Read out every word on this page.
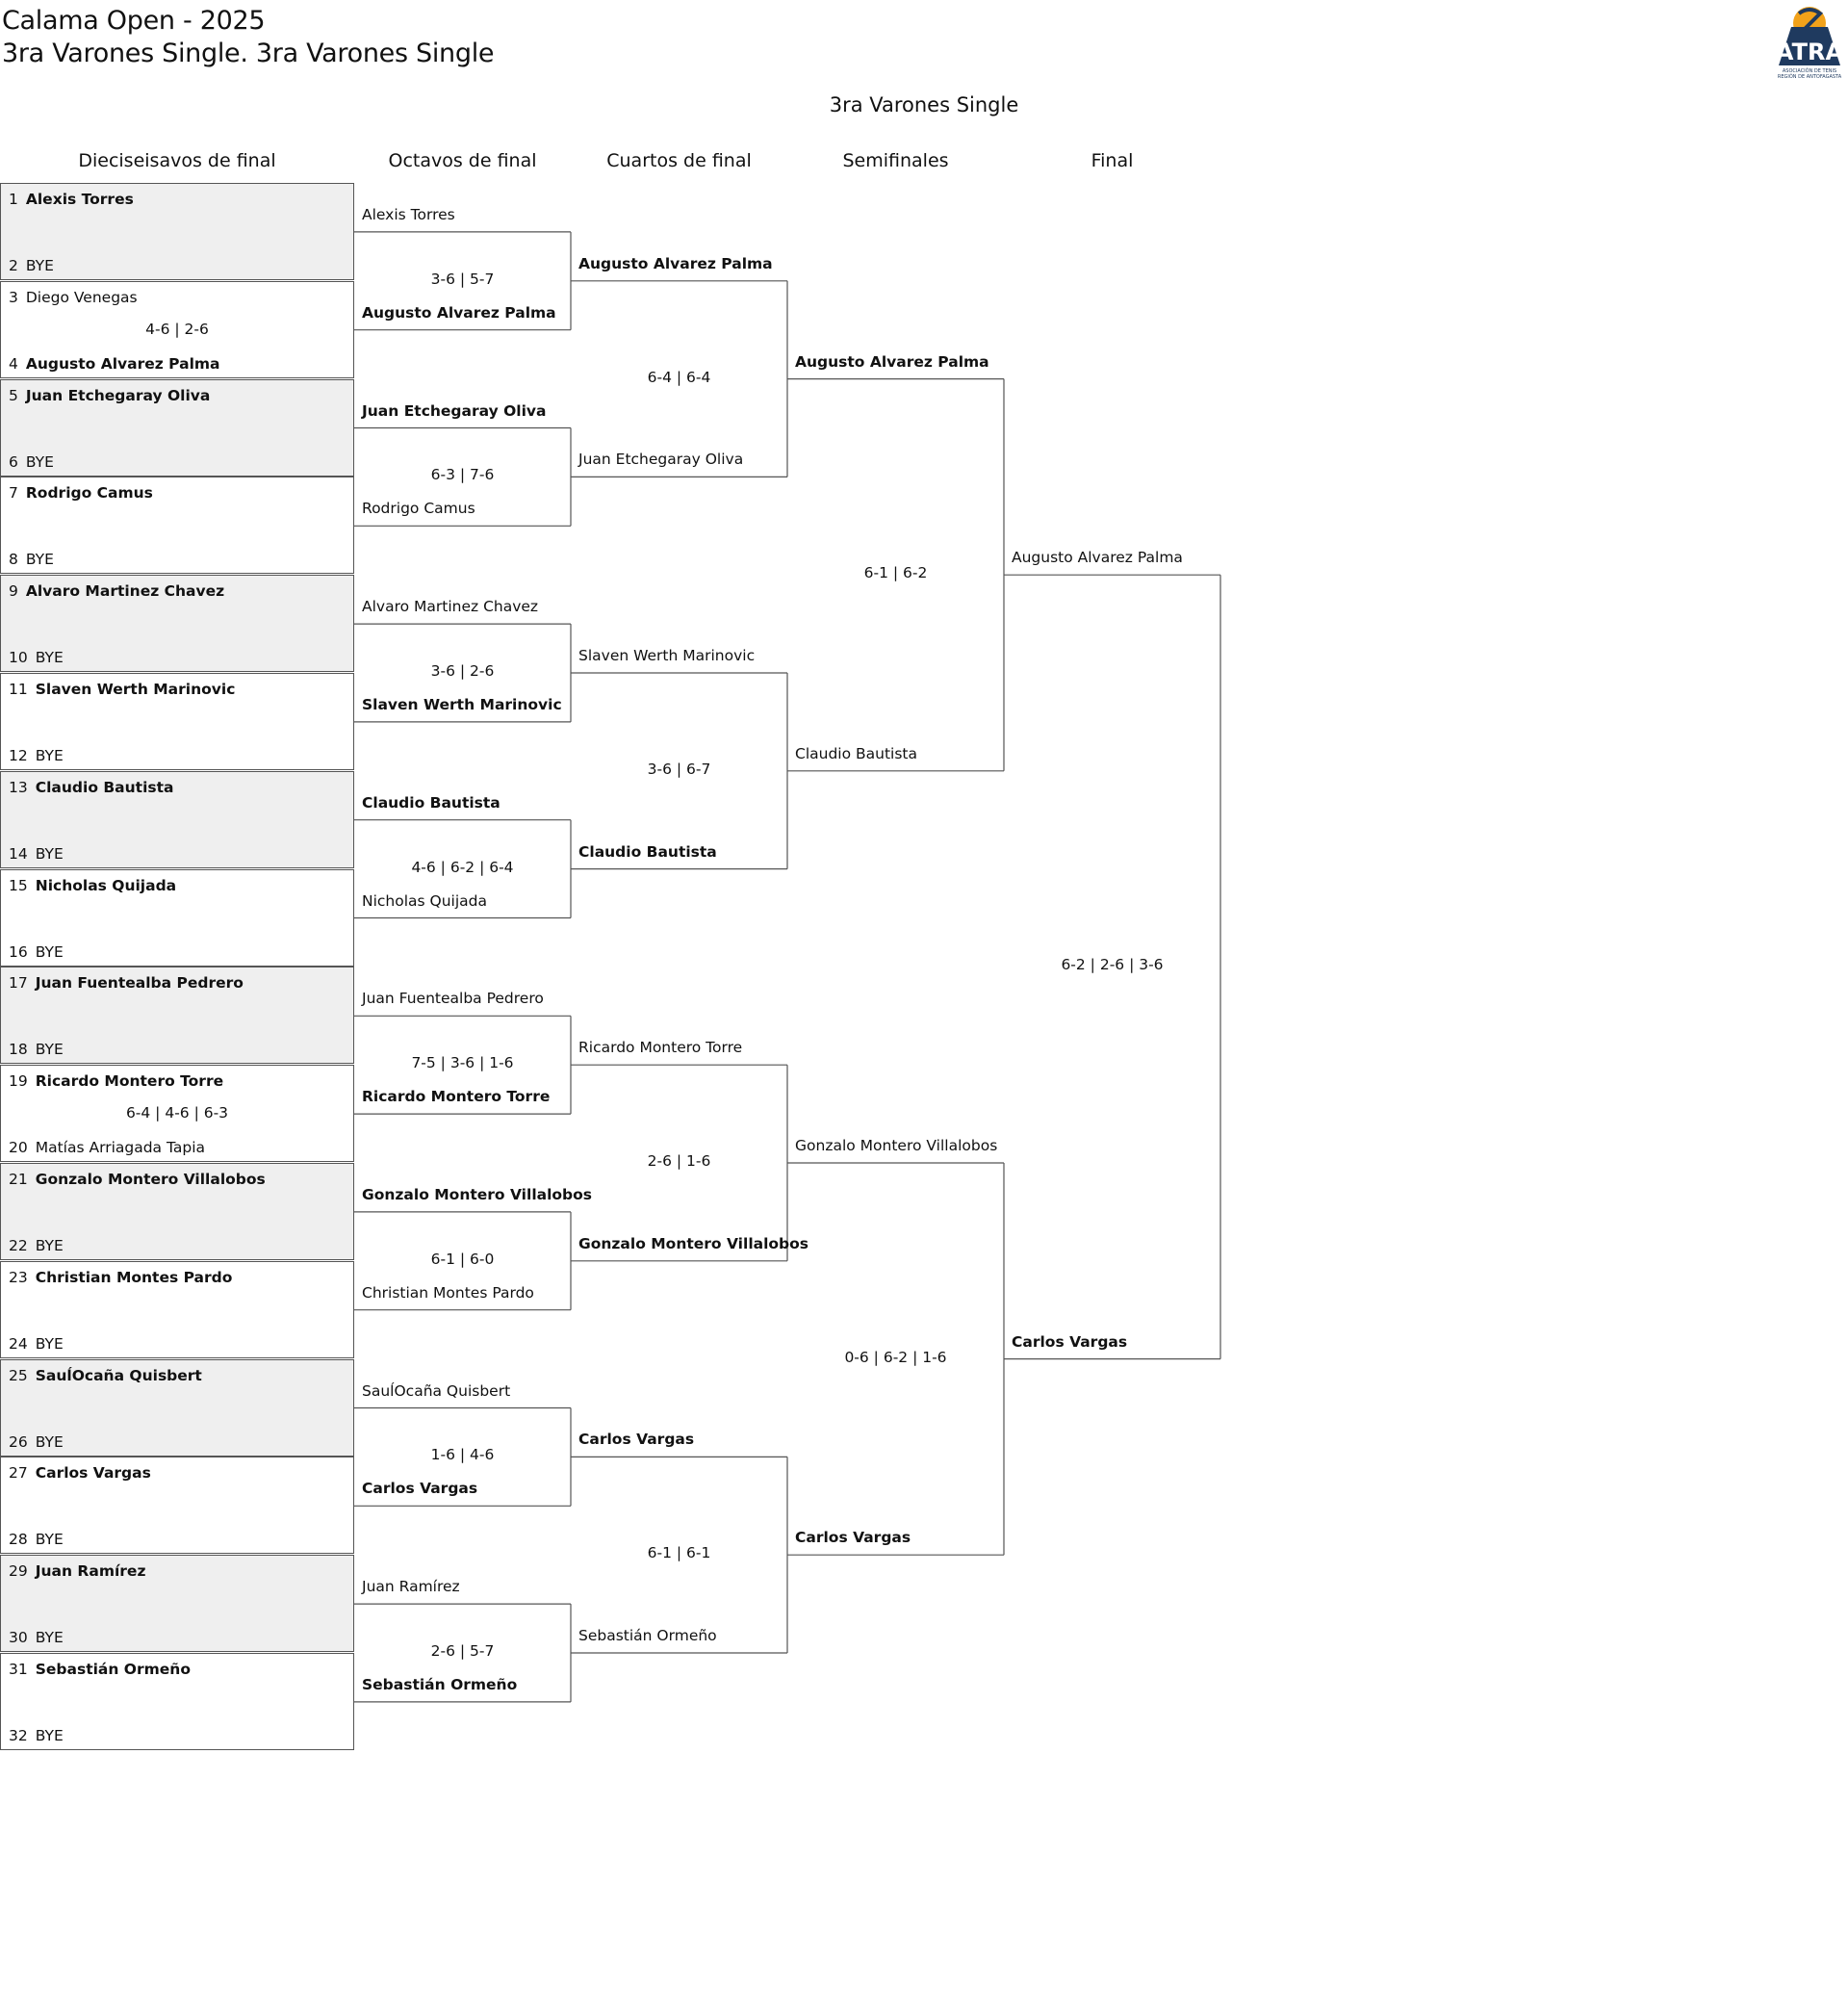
Calama Open - 2025
3ra Varones Single. 3ra Varones Single	ATRA
ASOCIACIÓN DE TENIS
REGIÓN DE ANTOFAGASTA
3ra Varones Single
Dieciseisavos de final	Octavos de final	Cuartos de final	Semifinales	Final
1 Alexis Torres
2 BYE
3 Diego Venegas
4 Augusto Alvarez Palma
4-6 | 2-6
5 Juan Etchegaray Oliva
6 BYE
7 Rodrigo Camus
8 BYE
9 Alvaro Martinez Chavez
10 BYE
11 Slaven Werth Marinovic
12 BYE
13 Claudio Bautista
14 BYE
15 Nicholas Quijada
16 BYE
17 Juan Fuentealba Pedrero
18 BYE
19 Ricardo Montero Torre
20 Matías Arriagada Tapia
6-4 | 4-6 | 6-3
21 Gonzalo Montero Villalobos
22 BYE
23 Christian Montes Pardo
24 BYE
25 SauĺOcaña Quisbert
26 BYE
27 Carlos Vargas
28 BYE
29 Juan Ramírez
30 BYE
31 Sebastián Ormeño
32 BYE
Alexis Torres
Augusto Alvarez Palma
3-6 | 5-7
Juan Etchegaray Oliva
Rodrigo Camus
6-3 | 7-6
Alvaro Martinez Chavez
Slaven Werth Marinovic
3-6 | 2-6
Claudio Bautista
Nicholas Quijada
4-6 | 6-2 | 6-4
Juan Fuentealba Pedrero
Ricardo Montero Torre
7-5 | 3-6 | 1-6
Gonzalo Montero Villalobos
Christian Montes Pardo
6-1 | 6-0
SauĺOcaña Quisbert
Carlos Vargas
1-6 | 4-6
Juan Ramírez
Sebastián Ormeño
2-6 | 5-7
Augusto Alvarez Palma
Juan Etchegaray Oliva
6-4 | 6-4
Slaven Werth Marinovic
Claudio Bautista
3-6 | 6-7
Ricardo Montero Torre
Gonzalo Montero Villalobos
2-6 | 1-6
Carlos Vargas
Sebastián Ormeño
6-1 | 6-1
Augusto Alvarez Palma
Claudio Bautista
6-1 | 6-2
Gonzalo Montero Villalobos
Carlos Vargas
0-6 | 6-2 | 1-6
Augusto Alvarez Palma
Carlos Vargas
6-2 | 2-6 | 3-6
